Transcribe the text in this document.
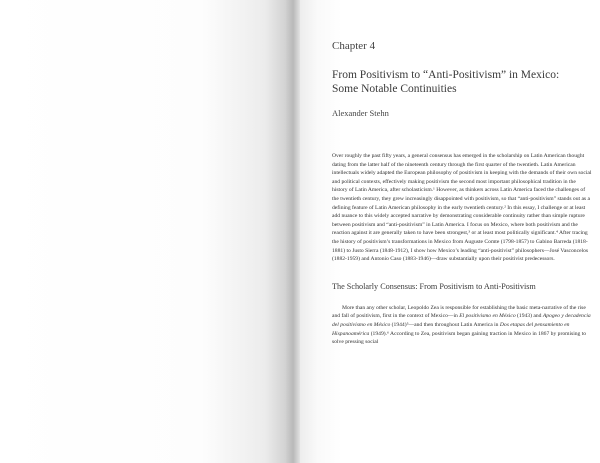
Chapter 4
From Positivism to “Anti-Positivism” in Mexico:
Some Notable Continuities
Alexander Stehn

Over roughly the past fifty years, a general consensus has emerged in the scholarship on Latin American thought dating from the latter half of the nineteenth century through the first quarter of the twentieth. Latin American intellectuals widely adapted the European philosophy of positivism in keeping with the demands of their own social and political contexts, effectively making positivism the second most important philosophical tradition in the history of Latin America, after scholasticism.¹ However, as thinkers across Latin America faced the challenges of the twentieth century, they grew increasingly disappointed with positivism, so that “anti-positivism” stands out as a defining feature of Latin American philosophy in the early twentieth century.² In this essay, I challenge or at least add nuance to this widely accepted narrative by demonstrating considerable continuity rather than simple rupture between positivism and “anti-positivism” in Latin America. I focus on Mexico, where both positivism and the reaction against it are generally taken to have been strongest,³ or at least most politically significant.⁴ After tracing the history of positivism’s transformations in Mexico from Auguste Comte (1798-1857) to Gabino Barreda (1818-1881) to Justo Sierra (1848-1912), I show how Mexico’s leading “anti-positivist” philosophers—José Vasconcelos (1882-1959) and Antonio Caso (1883-1946)—draw substantially upon their positivist predecessors.

The Scholarly Consensus: From Positivism to Anti-Positivism

More than any other scholar, Leopoldo Zea is responsible for establishing the basic meta-narrative of the rise and fall of positivism, first in the context of Mexico—in El positivismo en México (1943) and Apogeo y decadencia del positivismo en México (1944)⁵—and then throughout Latin America in Dos etapas del pensamiento en Hispanoamérica (1949).⁶ According to Zea, positivism began gaining traction in Mexico in 1867 by promising to solve pressing social
